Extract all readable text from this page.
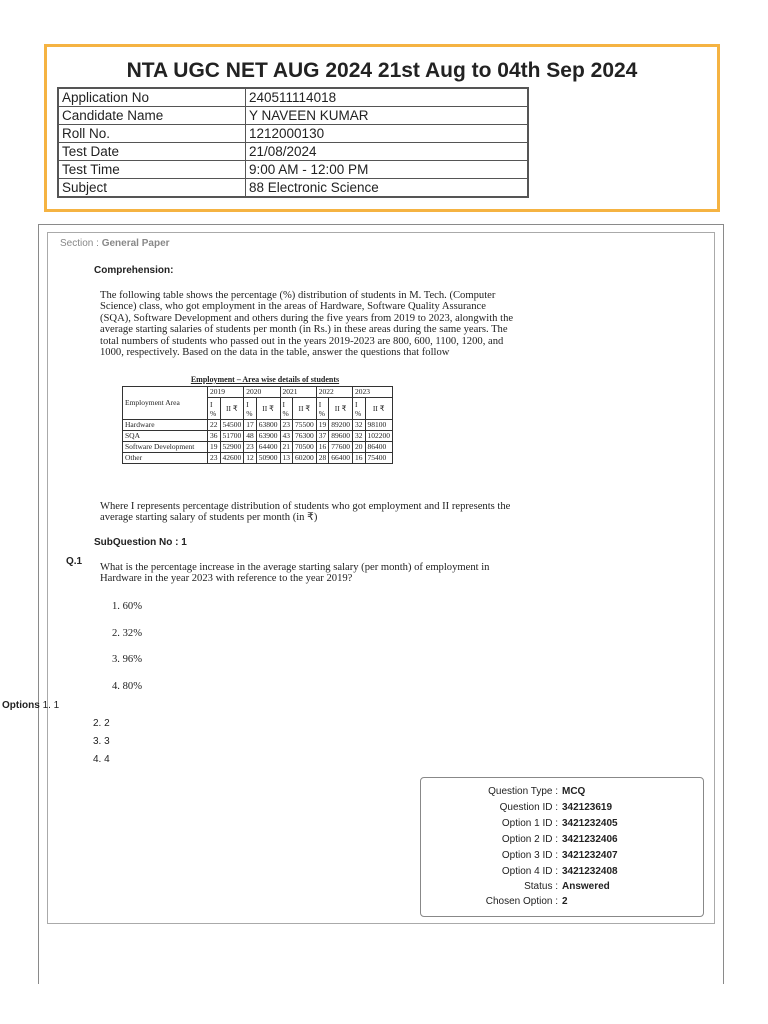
NTA UGC NET AUG 2024 21st Aug to 04th Sep 2024
Application No	240511114018
Candidate Name	Y NAVEEN KUMAR
Roll No.	1212000130
Test Date	21/08/2024
Test Time	9:00 AM - 12:00 PM
Subject	88 Electronic Science
Section : General Paper
Comprehension:
The following table shows the percentage (%) distribution of students in M. Tech. (Computer
Science) class, who got employment in the areas of Hardware, Software Quality Assurance
(SQA), Software Development and others during the five years from 2019 to 2023, alongwith the
average starting salaries of students per month (in Rs.) in these areas during the same years. The
total numbers of students who passed out in the years 2019-2023 are 800, 600, 1100, 1200, and
1000, respectively. Based on the data in the table, answer the questions that follow
Employment – Area wise details of students
Employment Area	2019		2020		2021		2022		2023	
	I %	II ₹	I %	II ₹	I %	II ₹	I %	II ₹	I %	II ₹
Hardware	22	54500	17	63800	23	75500	19	89200	32	98100
SQA	36	51700	48	63900	43	76300	37	89600	32	102200
Software Development	19	52900	23	64400	21	70500	16	77600	20	86400
Other	23	42600	12	50900	13	60200	28	66400	16	75400
Where I represents percentage distribution of students who got employment and II represents the
average starting salary of students per month (in ₹)
SubQuestion No : 1
Q.1
What is the percentage increase in the average starting salary (per month) of employment in
Hardware in the year 2023 with reference to the year 2019?
1. 60%
2. 32%
3. 96%
4. 80%
Options 1. 1
2. 2
3. 3
4. 4
Question Type : MCQ
Question ID : 342123619
Option 1 ID : 3421232405
Option 2 ID : 3421232406
Option 3 ID : 3421232407
Option 4 ID : 3421232408
Status : Answered
Chosen Option : 2
